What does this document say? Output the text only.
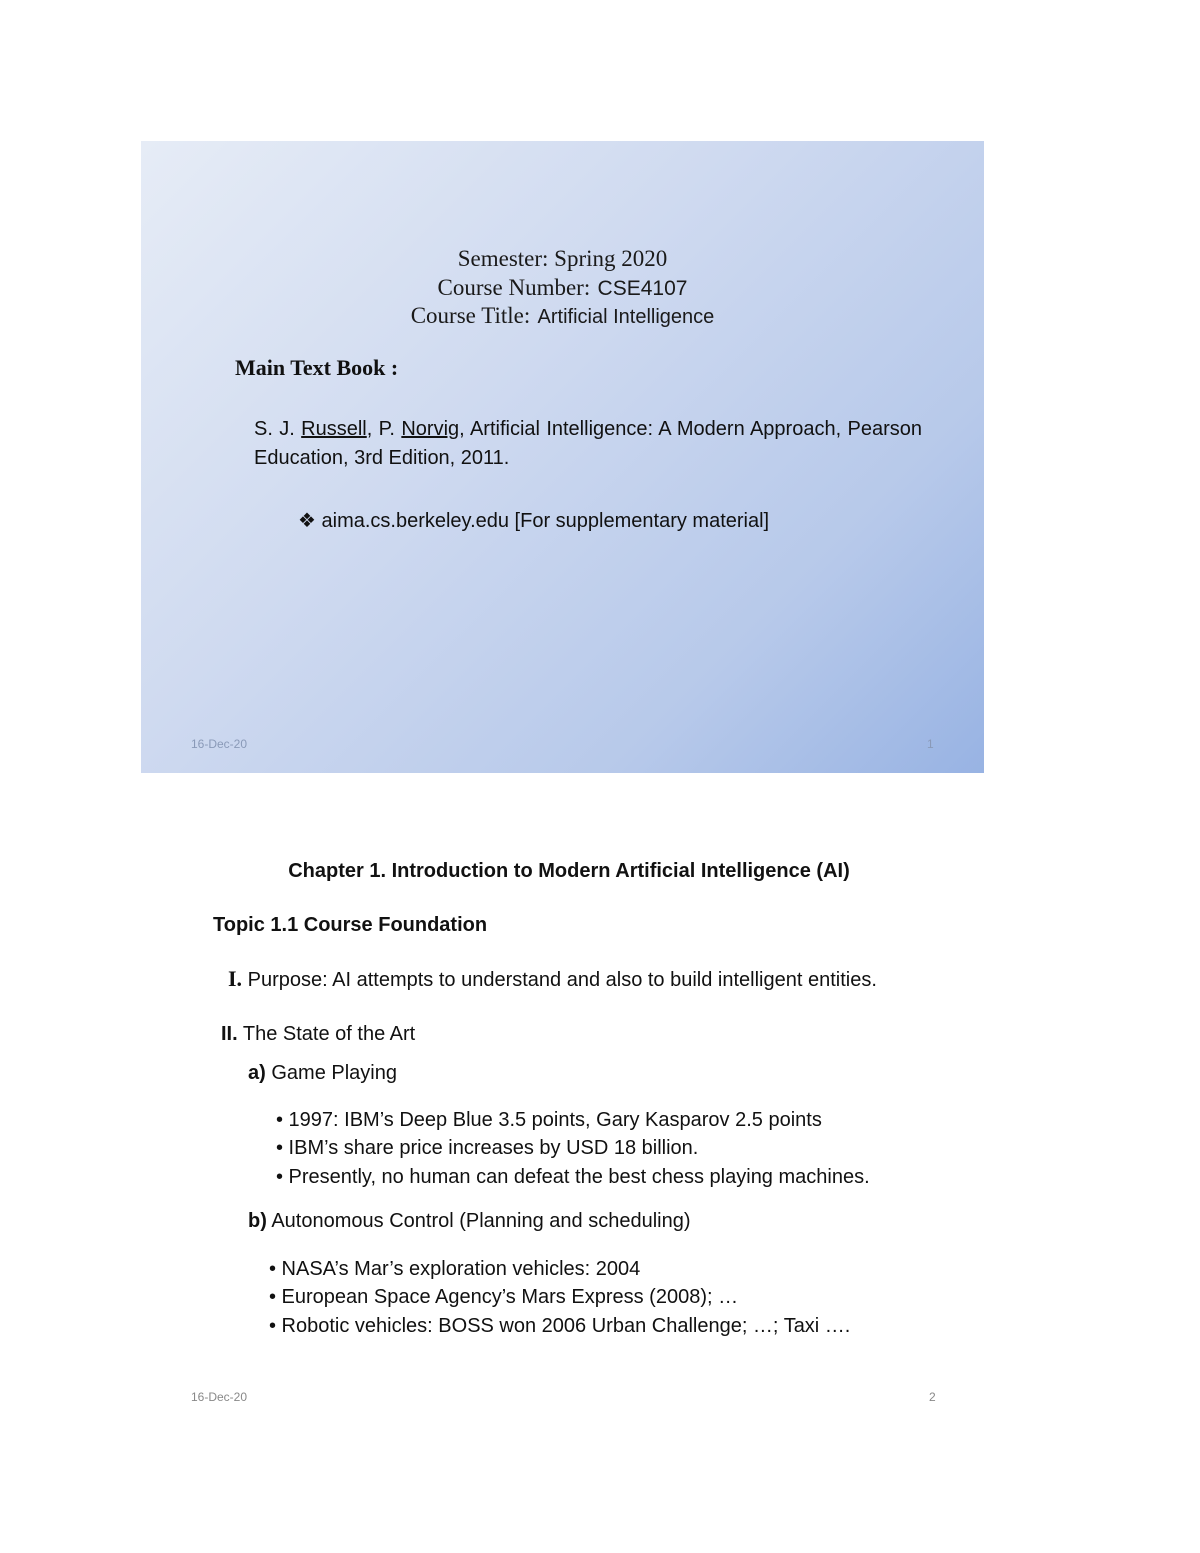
Semester: Spring 2020
Course Number: CSE4107
Course Title: Artificial Intelligence
Main Text Book :
S. J. Russell, P. Norvig, Artificial Intelligence: A Modern Approach, Pearson Education, 3rd Edition, 2011.
❖ aima.cs.berkeley.edu [For supplementary material]
16-Dec-20	1
Chapter 1. Introduction to Modern Artificial Intelligence (AI)
Topic 1.1 Course Foundation
I. Purpose: AI attempts to understand and also to build intelligent entities.
II. The State of the Art
a) Game Playing
• 1997: IBM’s Deep Blue 3.5 points, Gary Kasparov 2.5 points
• IBM’s share price increases by USD 18 billion.
• Presently, no human can defeat the best chess playing machines.
b) Autonomous Control (Planning and scheduling)
• NASA’s Mar’s exploration vehicles: 2004
• European Space Agency’s Mars Express (2008); …
• Robotic vehicles: BOSS won 2006 Urban Challenge; …; Taxi ….
16-Dec-20	2
